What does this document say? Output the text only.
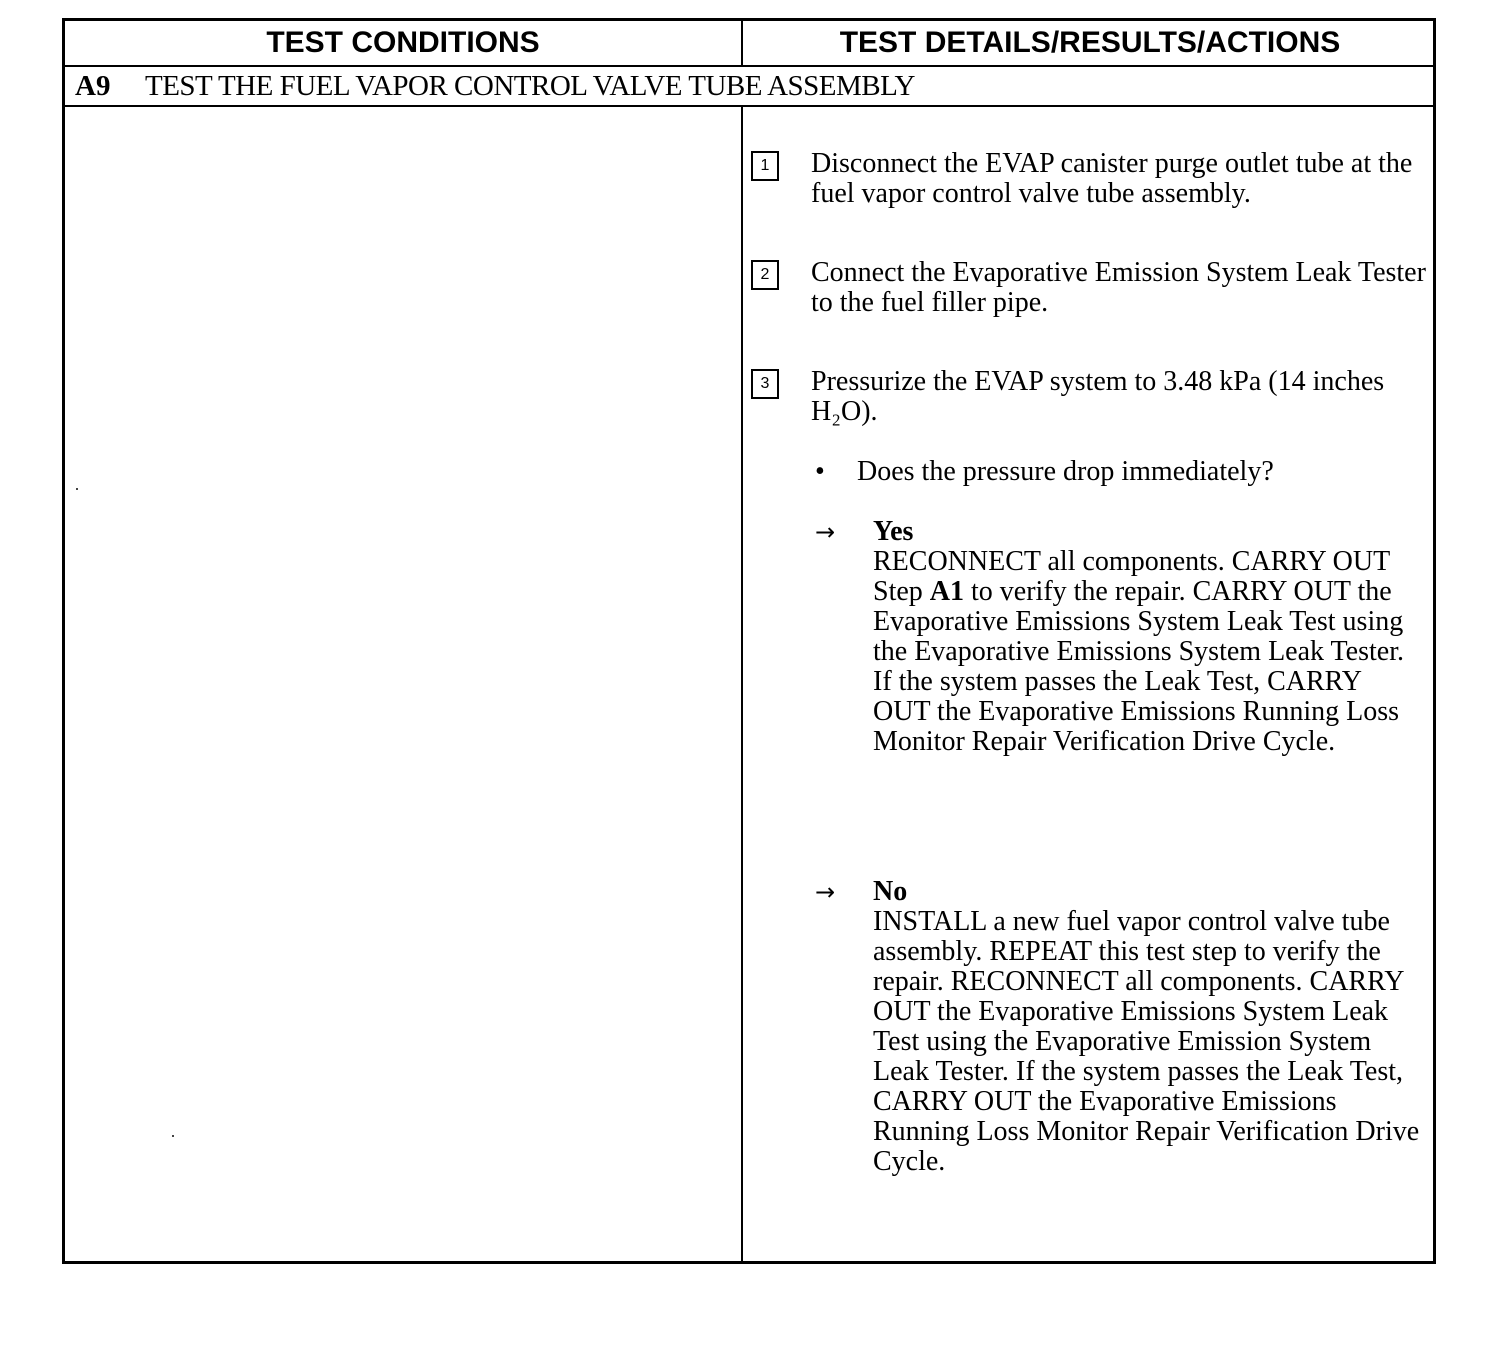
TEST CONDITIONS	TEST DETAILS/RESULTS/ACTIONS
A9 TEST THE FUEL VAPOR CONTROL VALVE TUBE ASSEMBLY
1	Disconnect the EVAP canister purge outlet tube at the fuel vapor control valve tube assembly.
2	Connect the Evaporative Emission System Leak Tester to the fuel filler pipe.
3	Pressurize the EVAP system to 3.48 kPa (14 inches H₂O).
• Does the pressure drop immediately?
→ Yes
RECONNECT all components. CARRY OUT Step A1 to verify the repair. CARRY OUT the Evaporative Emissions System Leak Test using the Evaporative Emissions System Leak Tester. If the system passes the Leak Test, CARRY OUT the Evaporative Emissions Running Loss Monitor Repair Verification Drive Cycle.
→ No
INSTALL a new fuel vapor control valve tube assembly. REPEAT this test step to verify the repair. RECONNECT all components. CARRY OUT the Evaporative Emissions System Leak Test using the Evaporative Emission System Leak Tester. If the system passes the Leak Test, CARRY OUT the Evaporative Emissions Running Loss Monitor Repair Verification Drive Cycle.
